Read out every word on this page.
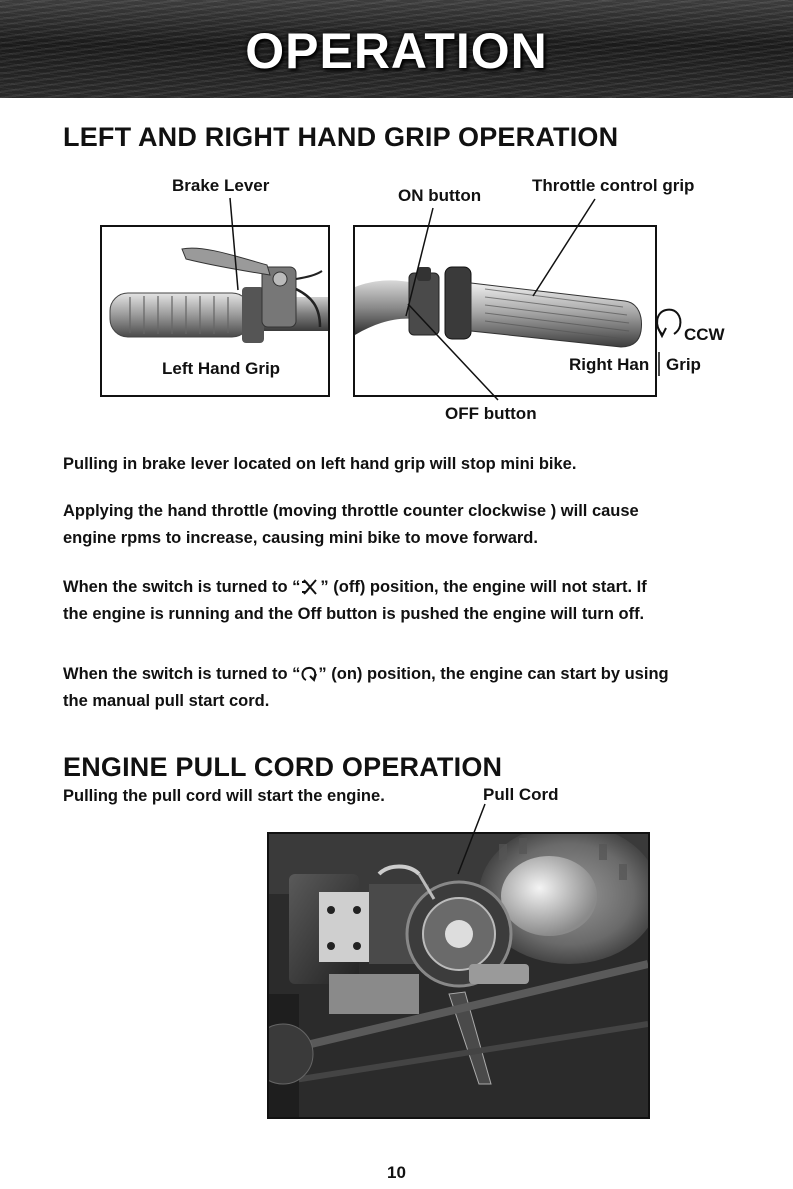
OPERATION
LEFT AND RIGHT HAND GRIP OPERATION
Brake Lever
ON button
Throttle control grip
Left Hand Grip
CCW
Right Han Grip
OFF button
Pulling in brake lever located on left hand grip will stop mini bike.
Applying the hand throttle (moving throttle counter clockwise ) will cause
engine rpms to increase, causing mini bike to move forward.
When the switch is turned to “ ” (off) position, the engine will not start. If
the engine is running and the Off button is pushed the engine will turn off.
When the switch is turned to “ ” (on) position, the engine can start by using
the manual pull start cord.
ENGINE PULL CORD OPERATION
Pulling the pull cord will start the engine.	Pull Cord
10
